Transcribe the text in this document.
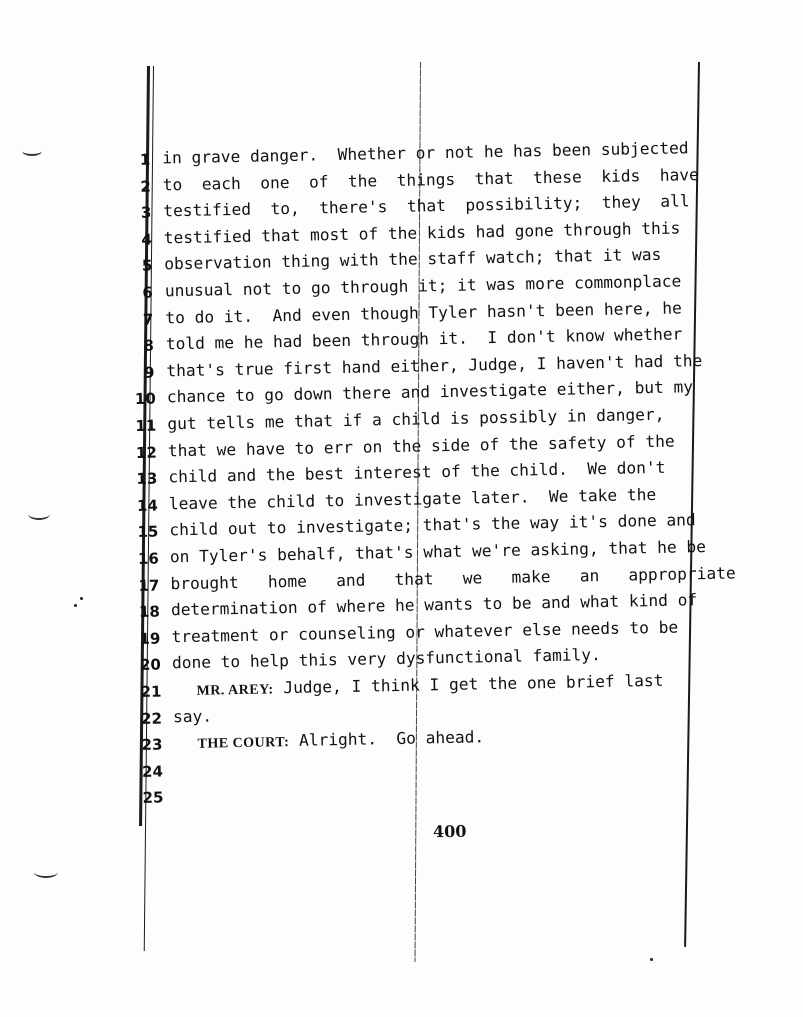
1 in grave danger.  Whether or not he has been subjected
2 to  each  one  of  the  things  that  these  kids  have
3 testified  to,  there's  that  possibility;  they  all
4 testified that most of the kids had gone through this
5 observation thing with the staff watch; that it was
6 unusual not to go through it; it was more commonplace
7 to do it.  And even though Tyler hasn't been here, he
8 told me he had been through it.  I don't know whether
9 that's true first hand either, Judge, I haven't had the
10 chance to go down there and investigate either, but my
11 gut tells me that if a child is possibly in danger,
12 that we have to err on the side of the safety of the
13 child and the best interest of the child.  We don't
14 leave the child to investigate later.  We take the
15 child out to investigate; that's the way it's done and
16 on Tyler's behalf, that's what we're asking, that he be
17 brought   home   and   that   we   make   an   appropriate
18 determination of where he wants to be and what kind of
19 treatment or counseling or whatever else needs to be
20 done to help this very dysfunctional family.
21 MR. AREY: Judge, I think I get the one brief last
22 say.
23 THE COURT: Alright.  Go ahead.
24
25
400
